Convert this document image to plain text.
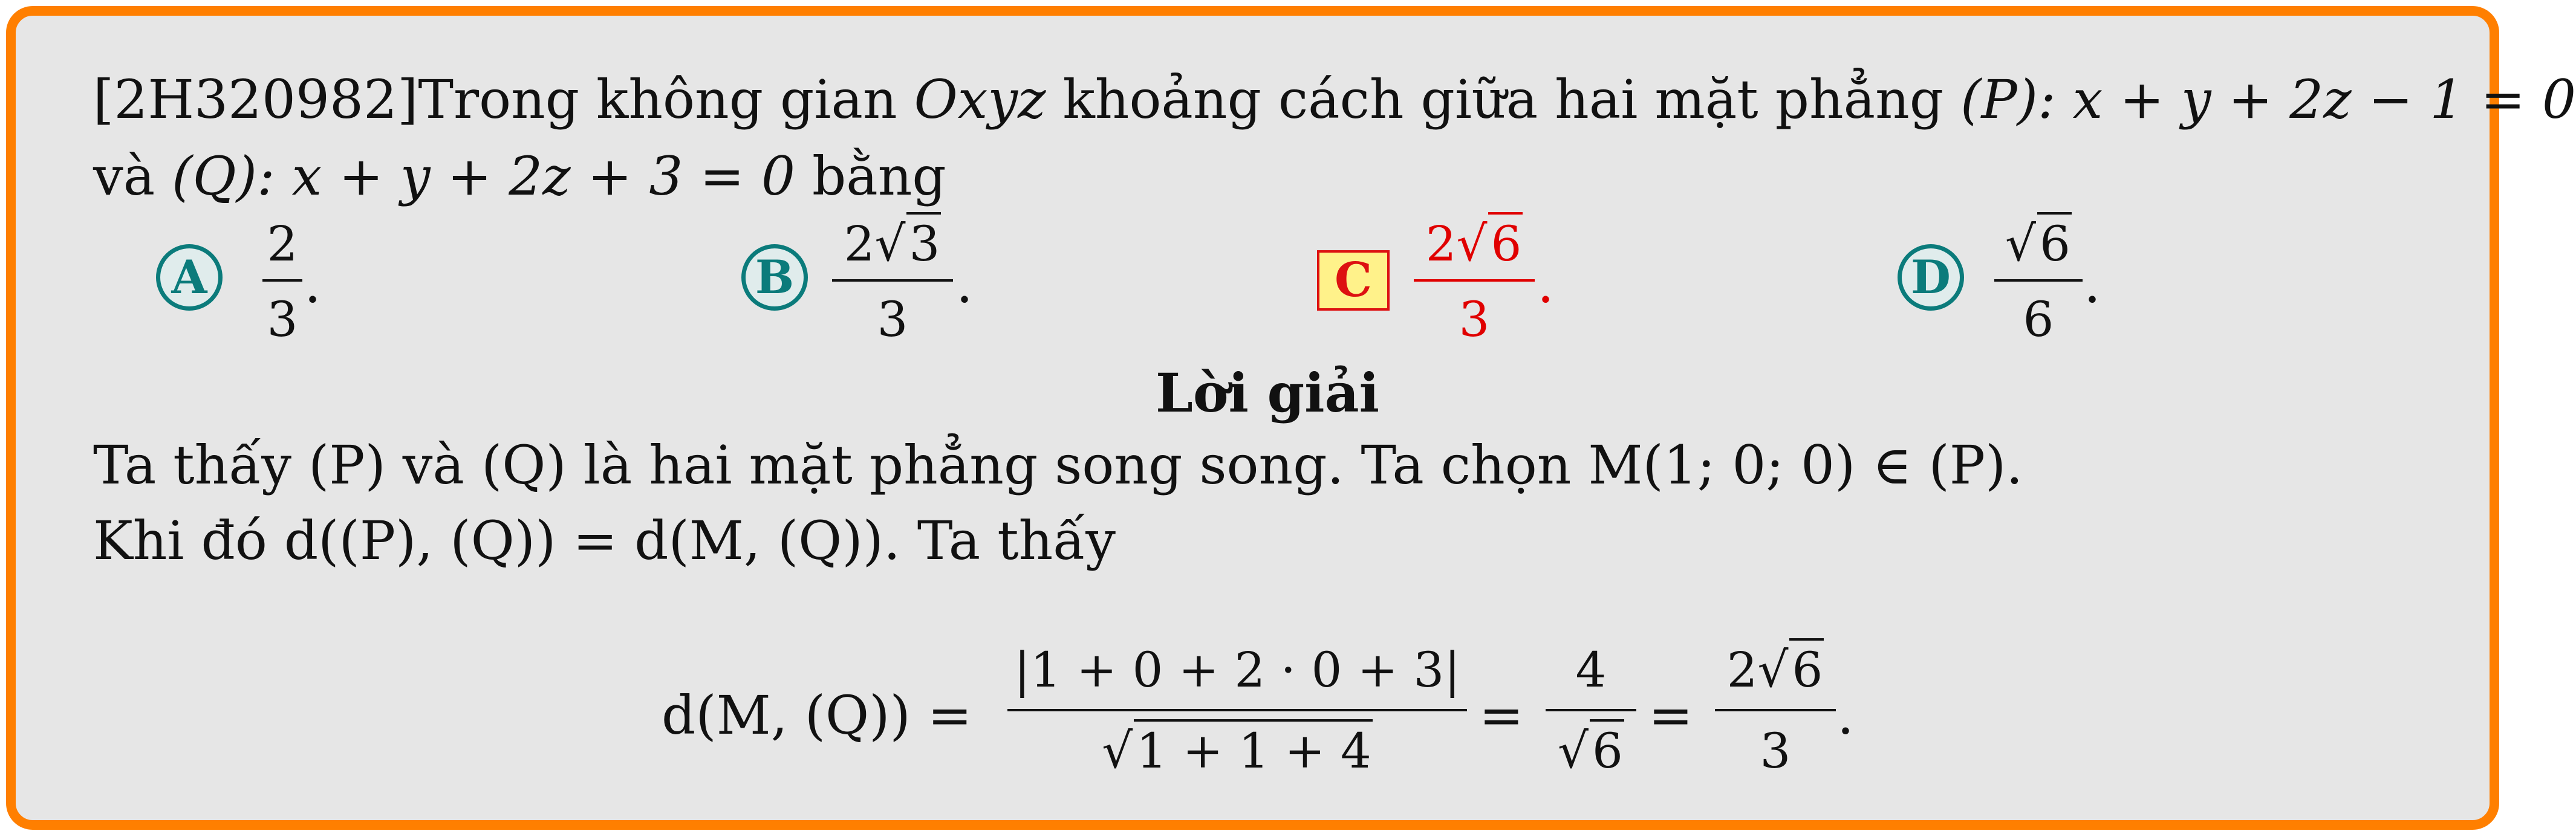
[2H320982]Trong không gian Oxyz khoảng cách giữa hai mặt phẳng (P): x + y + 2z − 1 = 0
và (Q): x + y + 2z + 3 = 0 bằng
A
2
3
.	B
2√3
3
.	C
2√6
3
.	D
√6
6
.
Lời giải
Ta thấy (P) và (Q) là hai mặt phẳng song song. Ta chọn M(1; 0; 0) ∈ (P).
Khi đó d((P), (Q)) = d(M, (Q)). Ta thấy
d(M, (Q)) =
|1 + 0 + 2 · 0 + 3|
√1 + 1 + 4
=
4
√6
=
2√6
3
.
